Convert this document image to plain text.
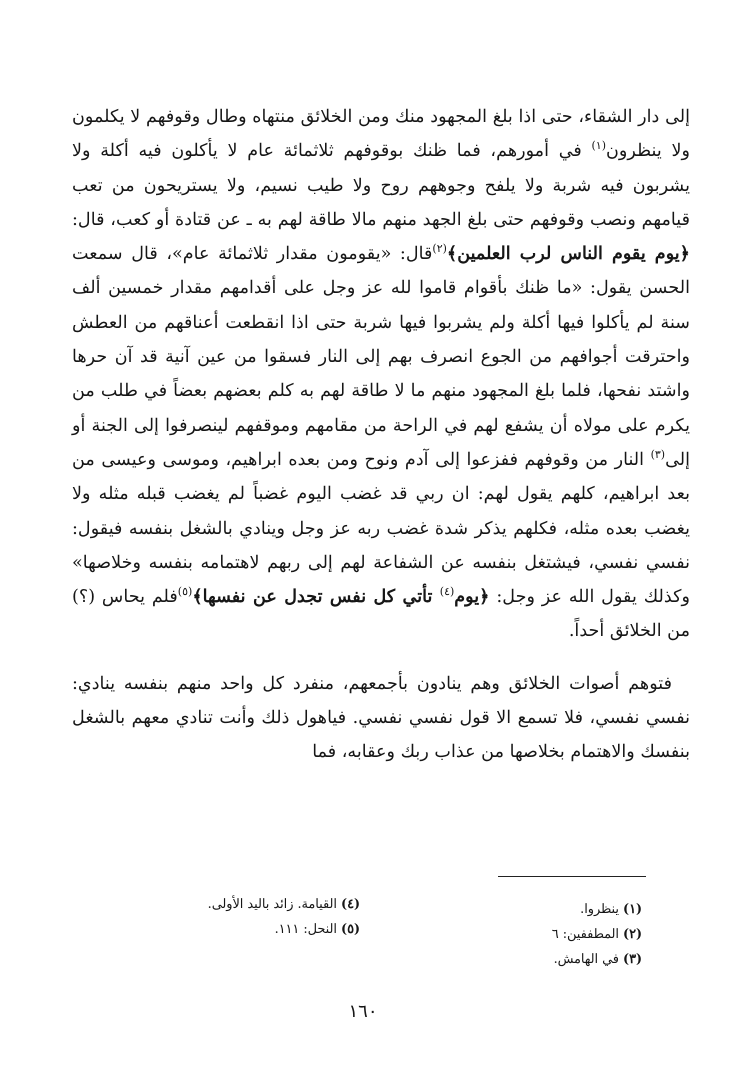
إلى دار الشقاء، حتى اذا بلغ المجهود منك ومن الخلائق منتهاه وطال وقوفهم لا يكلمون ولا ينظرون$^{(١)}$ في أمورهم، فما ظنك بوقوفهم ثلاثمائة عام لا يأكلون فيه أكلة ولا يشربون فيه شربة ولا يلفح وجوههم روح ولا طيب نسيم، ولا يستريحون من تعب قيامهم ونصب وقوفهم حتى بلغ الجهد منهم مالا طاقة لهم به ـ عن قتادة أو كعب، قال:﴿يوم يقوم الناس لرب العلمين﴾$^{(٢)}$قال: «يقومون مقدار ثلاثمائة عام»، قال سمعت الحسن يقول: «ما ظنك بأقوام قاموا لله عز وجل على أقدامهم مقدار خمسين ألف سنة لم يأكلوا فيها أكلة ولم يشربوا فيها شربة حتى اذا انقطعت أعناقهم من العطش واحترقت أجوافهم من الجوع انصرف بهم إلى النار فسقوا من عين آنية قد آن حرها واشتد نفحها، فلما بلغ المجهود منهم ما لا طاقة لهم به كلم بعضهم بعضاً في طلب من يكرم على مولاه أن يشفع لهم في الراحة من مقامهم وموقفهم لينصرفوا إلى الجنة أو إلى$^{(٣)}$ النار من وقوفهم ففزعوا إلى آدم ونوح ومن بعده ابراهيم، وموسى وعيسى من بعد ابراهيم، كلهم يقول لهم: ان ربي قد غضب اليوم غضباً لم يغضب قبله مثله ولا يغضب بعده مثله، فكلهم يذكر شدة غضب ربه عز وجل وينادي بالشغل بنفسه فيقول: نفسي نفسي، فيشتغل بنفسه عن الشفاعة لهم إلى ربهم لاهتمامه بنفسه وخلاصها» وكذلك يقول الله عز وجل: ﴿يوم$^{(٤)}$ تأتي كل نفس تجدل عن نفسها﴾$^{(٥)}$فلم يحاس (؟) من الخلائق أحداً.

فتوهم أصوات الخلائق وهم ينادون بأجمعهم، منفرد كل واحد منهم بنفسه ينادي: نفسي نفسي، فلا تسمع الا قول نفسي نفسي. فياهول ذلك وأنت تنادي معهم بالشغل بنفسك والاهتمام بخلاصها من عذاب ربك وعقابه، فما

(١) ينظروا.
(٢) المطففين: ٦
(٣) في الهامش.
(٤) القيامة. زائد باليد الأولى.
(٥) النحل: ١١١.
١٦٠
